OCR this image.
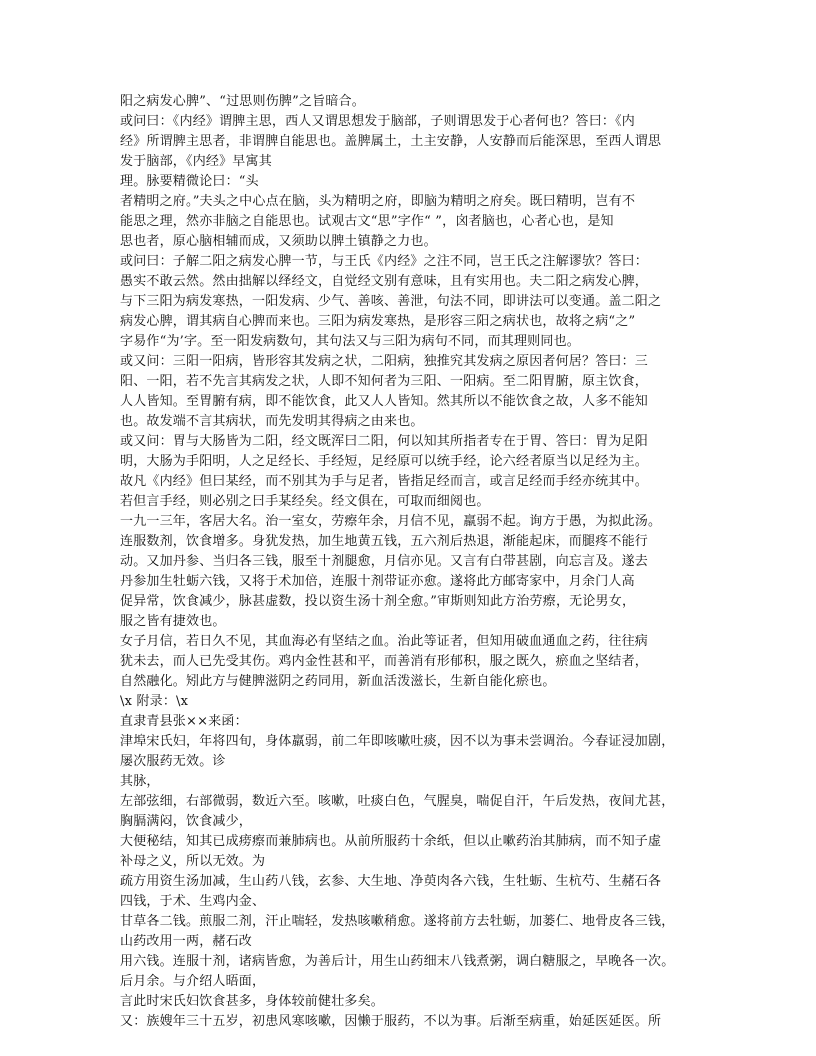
阳之病发心脾”、“过思则伤脾”之旨暗合。
或问曰：《内经》谓脾主思，西人又谓思想发于脑部，子则谓思发于心者何也？答曰：《内
经》所谓脾主思者，非谓脾自能思也。盖脾属土，土主安静，人安静而后能深思，至西人谓思
发于脑部，《内经》早寓其
理。脉要精微论曰：“头
者精明之府。”夫头之中心点在脑，头为精明之府，即脑为精明之府矣。既曰精明，岂有不
能思之理，然亦非脑之自能思也。试观古文“思”字作“ ”，囟者脑也，心者心也，是知
思也者，原心脑相辅而成，又须助以脾土镇静之力也。
或问曰：子解二阳之病发心脾一节，与王氏《内经》之注不同，岂王氏之注解谬欤？答曰：
愚实不敢云然。然由拙解以绎经文，自觉经文别有意味，且有实用也。夫二阳之病发心脾，
与下三阳为病发寒热，一阳发病、少气、善咳、善泄，句法不同，即讲法可以变通。盖二阳之
病发心脾，谓其病自心脾而来也。三阳为病发寒热，是形容三阳之病状也，故将之病“之”
字易作“为’字。至一阳发病数句，其句法又与三阳为病句不同，而其理则同也。
或又问：三阳一阳病，皆形容其发病之状，二阳病，独推究其发病之原因者何居？答曰：三
阳、一阳，若不先言其病发之状，人即不知何者为三阳、一阳病。至二阳胃腑，原主饮食，
人人皆知。至胃腑有病，即不能饮食，此又人人皆知。然其所以不能饮食之故，人多不能知
也。故发端不言其病状，而先发明其得病之由来也。
或又问：胃与大肠皆为二阳，经文既浑曰二阳，何以知其所指者专在于胃、答曰：胃为足阳
明，大肠为手阳明，人之足经长、手经短，足经原可以统手经，论六经者原当以足经为主。
故凡《内经》但曰某经，而不别其为手与足者，皆指足经而言，或言足经而手经亦统其中。
若但言手经，则必别之曰手某经矣。经文俱在，可取而细阅也。
一九一三年，客居大名。治一室女，劳瘵年余，月信不见，羸弱不起。询方于愚，为拟此汤。
连服数剂，饮食增多。身犹发热，加生地黄五钱，五六剂后热退，渐能起床，而腿疼不能行
动。又加丹参、当归各三钱，服至十剂腿愈，月信亦见。又言有白带甚剧，向忘言及。遂去
丹参加生牡蛎六钱，又将于术加倍，连服十剂带证亦愈。遂将此方邮寄家中，月余门人高
促异常，饮食减少，脉甚虚数，投以资生汤十剂全愈。”审斯则知此方治劳瘵，无论男女，
服之皆有捷效也。
女子月信，若日久不见，其血海必有坚结之血。治此等证者，但知用破血通血之药，往往病
犹未去，而人已先受其伤。鸡内金性甚和平，而善消有形郁积，服之既久，瘀血之坚结者，
自然融化。矧此方与健脾滋阴之药同用，新血活泼滋长，生新自能化瘀也。
\x 附录：\x
直隶青县张××来函：
津埠宋氏妇，年将四旬，身体羸弱，前二年即咳嗽吐痰，因不以为事未尝调治。今春证浸加剧，
屡次服药无效。诊
其脉，
左部弦细，右部微弱，数近六至。咳嗽，吐痰白色，气腥臭，喘促自汗，午后发热，夜间尤甚，
胸膈满闷，饮食减少，
大便秘结，知其已成痨瘵而兼肺病也。从前所服药十余纸，但以止嗽药治其肺病，而不知子虚
补母之义，所以无效。为
疏方用资生汤加减，生山药八钱，玄参、大生地、净萸肉各六钱，生牡蛎、生杭芍、生赭石各
四钱，于术、生鸡内金、
甘草各二钱。煎服二剂，汗止喘轻，发热咳嗽稍愈。遂将前方去牡蛎，加蒌仁、地骨皮各三钱，
山药改用一两，赭石改
用六钱。连服十剂，诸病皆愈，为善后计，用生山药细末八钱煮粥，调白糖服之，早晚各一次。
后月余。与介绍人晤面，
言此时宋氏妇饮食甚多，身体较前健壮多矣。
又：族嫂年三十五岁，初患风寒咳嗽，因懒于服药，不以为事。后渐至病重，始延医延医。所
